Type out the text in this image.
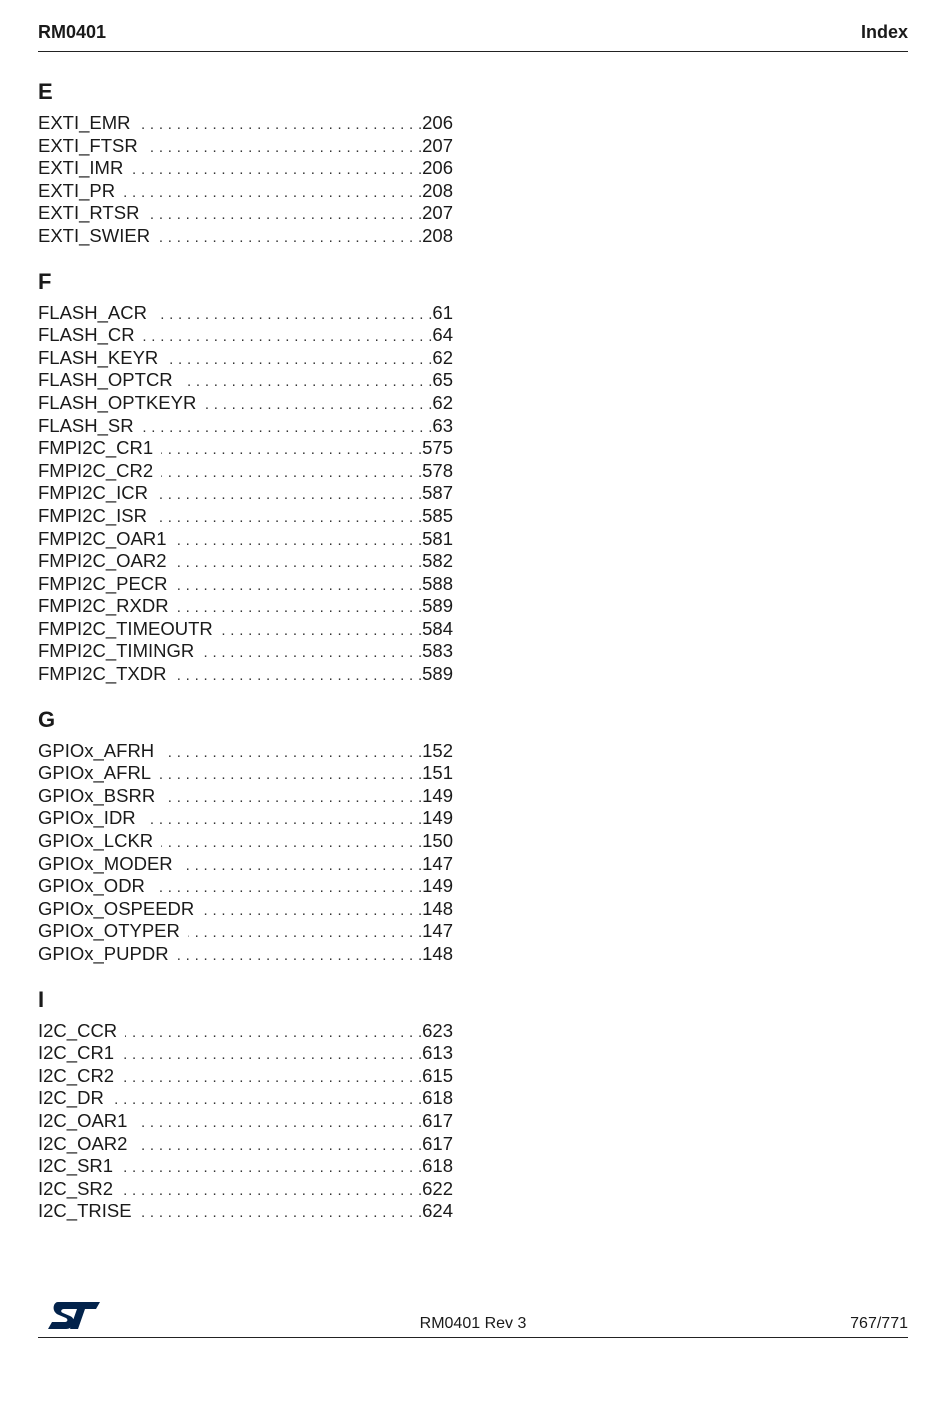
RM0401	Index
E
EXTI_EMR . . .	206
EXTI_FTSR . . .	207
EXTI_IMR . . .	206
EXTI_PR . . .	208
EXTI_RTSR . . .	207
EXTI_SWIER . . .	208
F
FLASH_ACR . . .	61
FLASH_CR . . .	64
FLASH_KEYR . . .	62
FLASH_OPTCR . . .	65
FLASH_OPTKEYR . . .	62
FLASH_SR . . .	63
FMPI2C_CR1 . . .	575
FMPI2C_CR2 . . .	578
FMPI2C_ICR . . .	587
FMPI2C_ISR . . .	585
FMPI2C_OAR1 . . .	581
FMPI2C_OAR2 . . .	582
FMPI2C_PECR . . .	588
FMPI2C_RXDR . . .	589
FMPI2C_TIMEOUTR . . .	584
FMPI2C_TIMINGR . . .	583
FMPI2C_TXDR . . .	589
G
GPIOx_AFRH . . .	152
GPIOx_AFRL . . .	151
GPIOx_BSRR . . .	149
GPIOx_IDR . . .	149
GPIOx_LCKR . . .	150
GPIOx_MODER . . .	147
GPIOx_ODR . . .	149
GPIOx_OSPEEDR . . .	148
GPIOx_OTYPER . . .	147
GPIOx_PUPDR . . .	148
I
I2C_CCR . . .	623
I2C_CR1 . . .	613
I2C_CR2 . . .	615
I2C_DR . . .	618
I2C_OAR1 . . .	617
I2C_OAR2 . . .	617
I2C_SR1 . . .	618
I2C_SR2 . . .	622
I2C_TRISE . . .	624
RM0401 Rev 3	767/771
